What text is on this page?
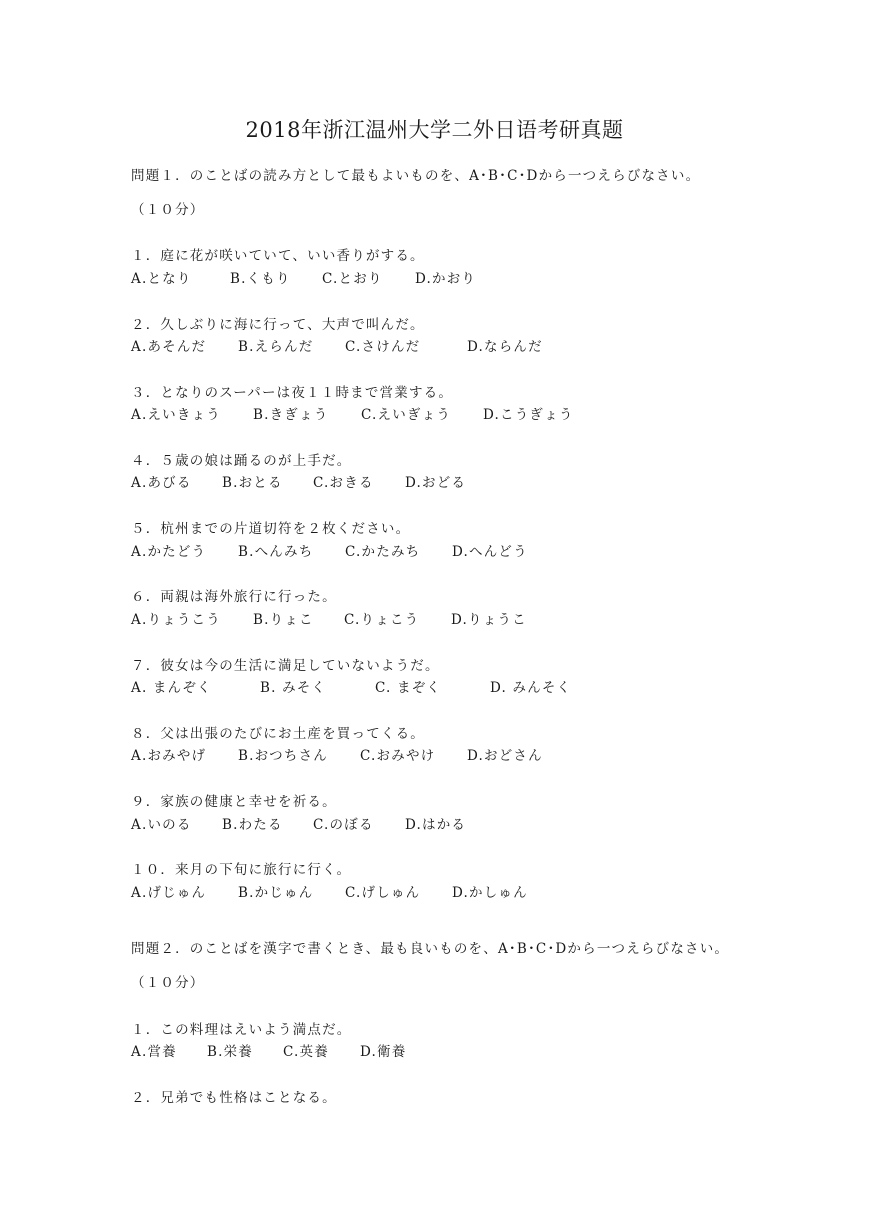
2018年浙江温州大学二外日语考研真题
問題１．のことばの読み方として最もよいものを、A･B･C･Dから一つえらびなさい。
（１０分）
１．庭に花が咲いていて、いい香りがする。
A.となり	B.くもり C.とおり D.かおり
２．久しぶりに海に行って、大声で叫んだ。
A.あそんだ B.えらんだ C.さけんだ	D.ならんだ
３．となりのスーパーは夜１１時まで営業する。
A.えいきょう B.きぎょう C.えいぎょう D.こうぎょう
４．５歳の娘は踊るのが上手だ。
A.あびる B.おとる C.おきる D.おどる
５．杭州までの片道切符を２枚ください。
A.かたどう B.へんみち C.かたみち D.へんどう
６．両親は海外旅行に行った。
A.りょうこう B.りょこ C.りょこう D.りょうこ
７．彼女は今の生活に満足していないようだ。
A. まんぞく	B. みそく	C. まぞく	D. みんそく
８．父は出張のたびにお土産を買ってくる。
A.おみやげ B.おつちさん C.おみやけ D.おどさん
９．家族の健康と幸せを祈る。
A.いのる B.わたる C.のぼる D.はかる
１０．来月の下旬に旅行に行く。
A.げじゅん B.かじゅん C.げしゅん D.かしゅん
問題２．のことばを漢字で書くとき、最も良いものを、A･B･C･Dから一つえらびなさい。
（１０分）
１．この料理はえいよう満点だ。
A.営養 B.栄養 C.英養 D.衛養
２．兄弟でも性格はことなる。
